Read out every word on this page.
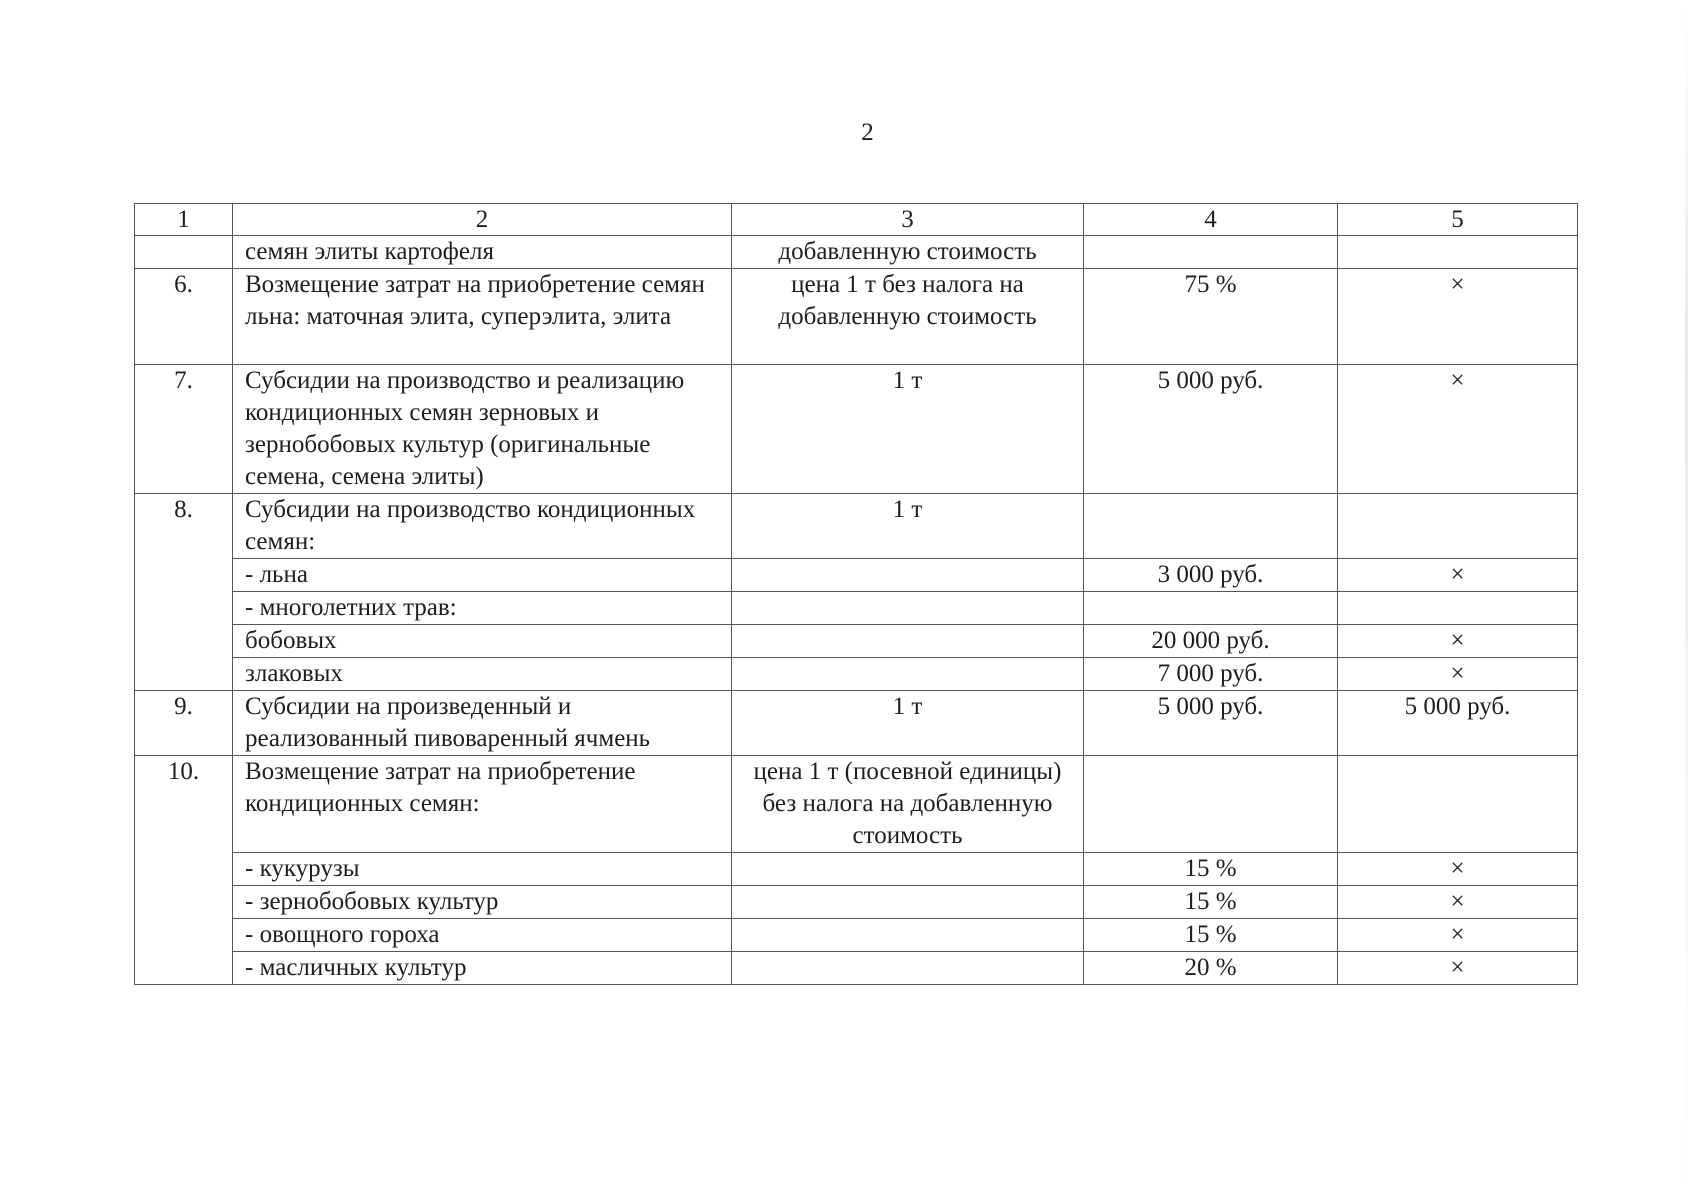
2
1	2	3	4	5
	семян элиты картофеля	добавленную стоимость		
6.	Возмещение затрат на приобретение семян льна: маточная элита, суперэлита, элита	цена 1 т без налога на добавленную стоимость	75 %	×
7.	Субсидии на производство и реализацию кондиционных семян зерновых и зернобобовых культур (оригинальные семена, семена элиты)	1 т	5 000 руб.	×
8.	Субсидии на производство кондиционных семян:	1 т		
	- льна		3 000 руб.	×
	- многолетних трав:			
	бобовых		20 000 руб.	×
	злаковых		7 000 руб.	×
9.	Субсидии на произведенный и реализованный пивоваренный ячмень	1 т	5 000 руб.	5 000 руб.
10.	Возмещение затрат на приобретение кондиционных семян:	цена 1 т (посевной единицы) без налога на добавленную стоимость		
	- кукурузы		15 %	×
	- зернобобовых культур		15 %	×
	- овощного гороха		15 %	×
	- масличных культур		20 %	×
